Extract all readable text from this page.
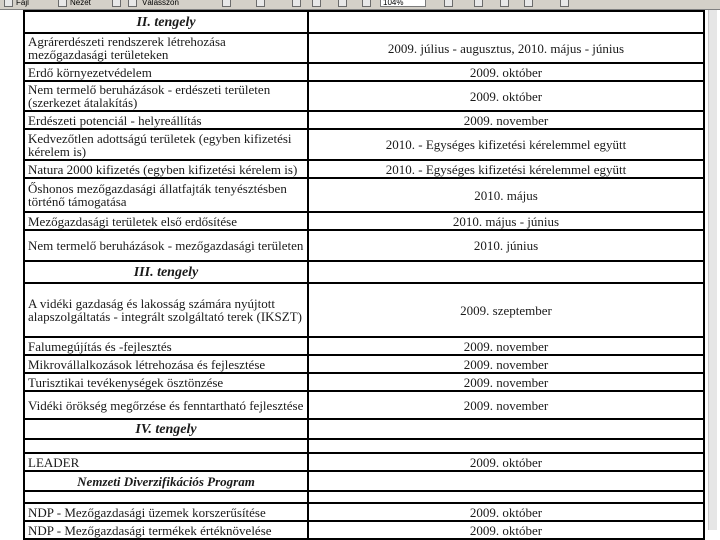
Fájl	Nézet	Válasszon	104%
II. tengely	
Agrárerdészeti rendszerek létrehozása mezőgazdasági területeken	2009. július - augusztus, 2010. május - június
Erdő környezetvédelem	2009. október
Nem termelő beruházások - erdészeti területen (szerkezet átalakítás)	2009. október
Erdészeti potenciál - helyreállítás	2009. november
Kedvezőtlen adottságú területek (egyben kifizetési kérelem is)	2010. - Egységes kifizetési kérelemmel együtt
Natura 2000 kifizetés (egyben kifizetési kérelem is)	2010. - Egységes kifizetési kérelemmel együtt
Őshonos mezőgazdasági állatfajták tenyésztésben történő támogatása	2010. május
Mezőgazdasági területek első erdősítése	2010. május - június
Nem termelő beruházások - mezőgazdasági területen	2010. június
III. tengely	
A vidéki gazdaság és lakosság számára nyújtott alapszolgáltatás - integrált szolgáltató terek (IKSZT)	2009. szeptember
Falumegújítás és -fejlesztés	2009. november
Mikrovállalkozások létrehozása és fejlesztése	2009. november
Turisztikai tevékenységek ösztönzése	2009. november
Vidéki örökség megőrzése és fenntartható fejlesztése	2009. november
IV. tengely	

LEADER	2009. október
Nemzeti Diverzifikációs Program	

NDP - Mezőgazdasági üzemek korszerűsítése	2009. október
NDP - Mezőgazdasági termékek értéknövelése	2009. október
